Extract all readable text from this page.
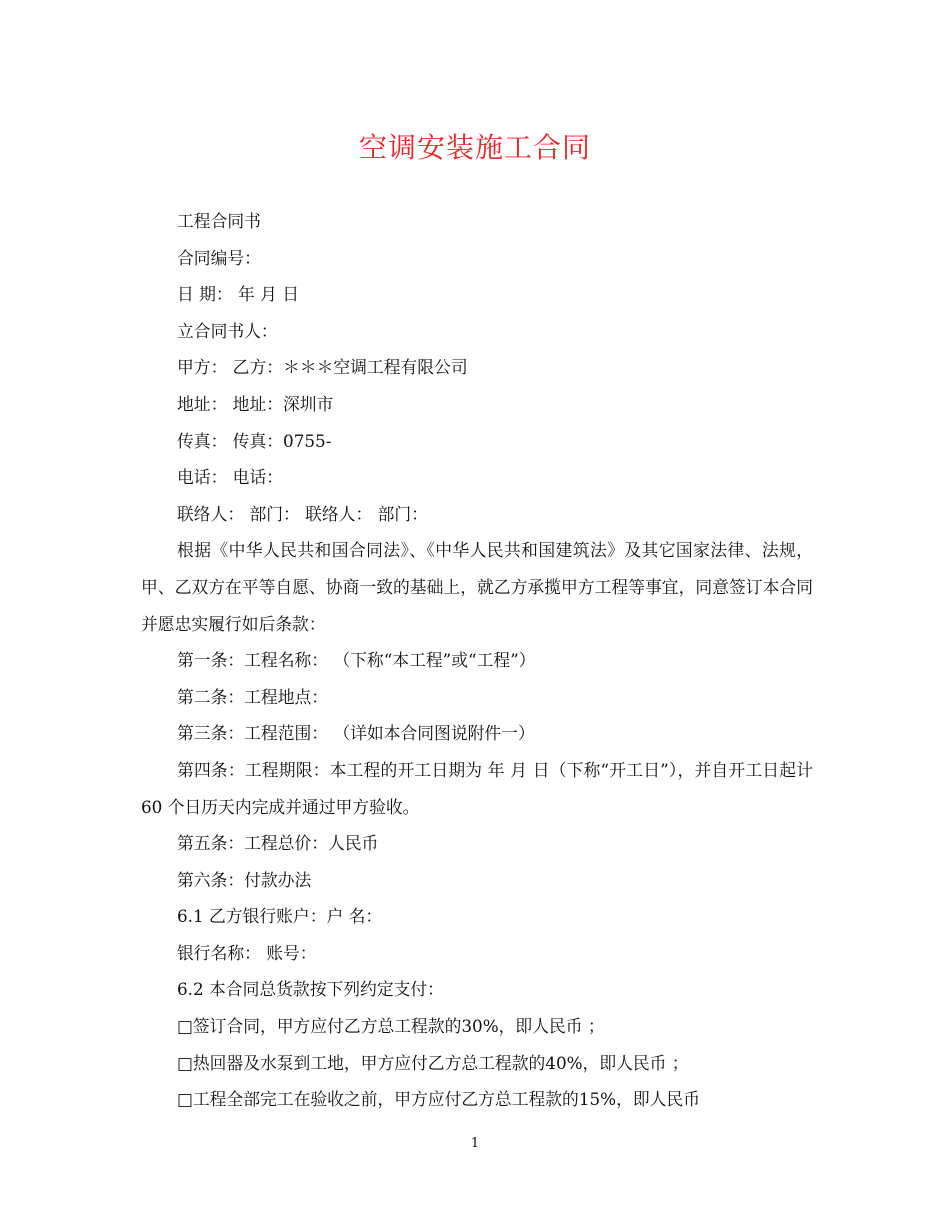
空调安装施工合同

工程合同书

合同编号：

日 期： 年 月 日

立合同书人：

甲方： 乙方：＊＊＊空调工程有限公司

地址： 地址：深圳市

传真： 传真：0755-

电话： 电话：

联络人： 部门： 联络人： 部门：

根据《中华人民共和国合同法》、《中华人民共和国建筑法》及其它国家法律、法规，甲、乙双方在平等自愿、协商一致的基础上，就乙方承揽甲方工程等事宜，同意签订本合同并愿忠实履行如后条款：

第一条：工程名称： （下称“本工程”或“工程”）

第二条：工程地点：

第三条：工程范围： （详如本合同图说附件一）

第四条：工程期限：本工程的开工日期为 年 月 日（下称“开工日”），并自开工日起计 60 个日历天内完成并通过甲方验收。

第五条：工程总价：人民币

第六条：付款办法

6.1 乙方银行账户：户 名：

银行名称： 账号：

6.2 本合同总货款按下列约定支付：

□签订合同，甲方应付乙方总工程款的30%，即人民币 ；

□热回器及水泵到工地，甲方应付乙方总工程款的40%，即人民币 ；

□工程全部完工在验收之前，甲方应付乙方总工程款的15%，即人民币

1
